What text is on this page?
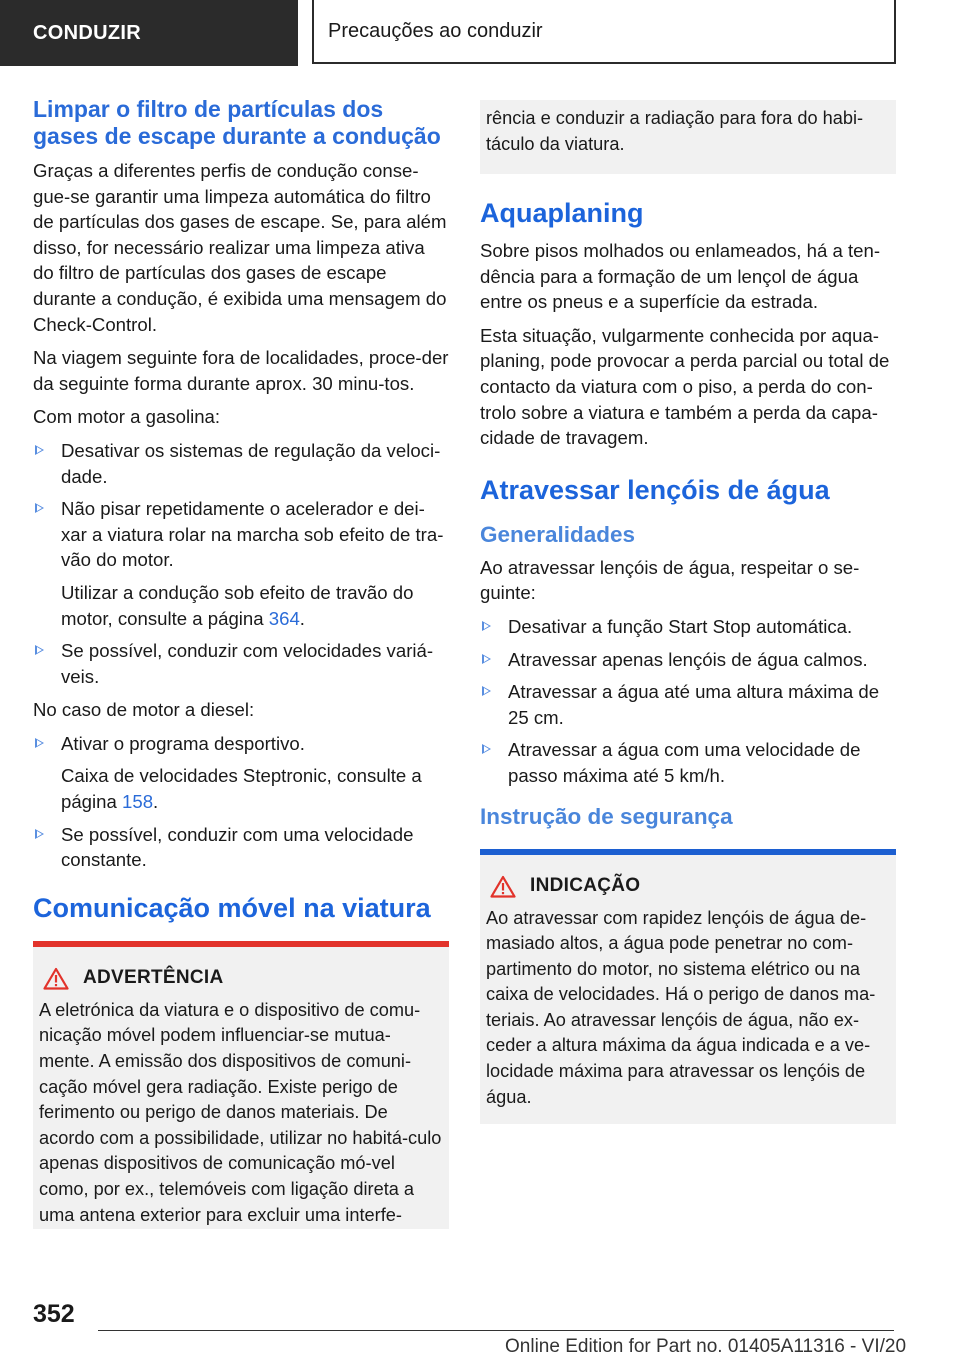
CONDUZIR	Precauções ao conduzir
Limpar o filtro de partículas dos gases de escape durante a condução

Graças a diferentes perfis de condução conse-gue-se garantir uma limpeza automática do filtro de partículas dos gases de escape. Se, para além disso, for necessário realizar uma limpeza ativa do filtro de partículas dos gases de escape durante a condução, é exibida uma mensagem do Check-Control.

Na viagem seguinte fora de localidades, proce-der da seguinte forma durante aprox. 30 minu-tos.

Com motor a gasolina:

Desativar os sistemas de regulação da veloci-dade.
Não pisar repetidamente o acelerador e dei-xar a viatura rolar na marcha sob efeito de tra-vão do motor.
Utilizar a condução sob efeito de travão do motor, consulte a página 364.
Se possível, conduzir com velocidades variá-veis.

No caso de motor a diesel:

Ativar o programa desportivo.
Caixa de velocidades Steptronic, consulte a página 158.
Se possível, conduzir com uma velocidade constante.
Comunicação móvel na viatura
ADVERTÊNCIA

A eletrónica da viatura e o dispositivo de comu-nicação móvel podem influenciar-se mutua-mente. A emissão dos dispositivos de comuni-cação móvel gera radiação. Existe perigo de ferimento ou perigo de danos materiais. De acordo com a possibilidade, utilizar no habitá-culo apenas dispositivos de comunicação mó-vel como, por ex., telemóveis com ligação direta a uma antena exterior para excluir uma interfe-

rência e conduzir a radiação para fora do habi-táculo da viatura.

Aquaplaning

Sobre pisos molhados ou enlameados, há a ten-dência para a formação de um lençol de água entre os pneus e a superfície da estrada.

Esta situação, vulgarmente conhecida por aqua-planing, pode provocar a perda parcial ou total de contacto da viatura com o piso, a perda do con-trolo sobre a viatura e também a perda da capa-cidade de travagem.

Atravessar lençóis de água
Generalidades

Ao atravessar lençóis de água, respeitar o se-guinte:

Desativar a função Start Stop automática.
Atravessar apenas lençóis de água calmos.
Atravessar a água até uma altura máxima de 25 cm.
Atravessar a água com uma velocidade de passo máxima até 5 km/h.
Instrução de segurança
INDICAÇÃO

Ao atravessar com rapidez lençóis de água de-masiado altos, a água pode penetrar no com-partimento do motor, no sistema elétrico ou na caixa de velocidades. Há o perigo de danos ma-teriais. Ao atravessar lençóis de água, não ex-ceder a altura máxima da água indicada e a ve-locidade máxima para atravessar os lençóis de água.

352
Online Edition for Part no. 01405A11316 - VI/20
